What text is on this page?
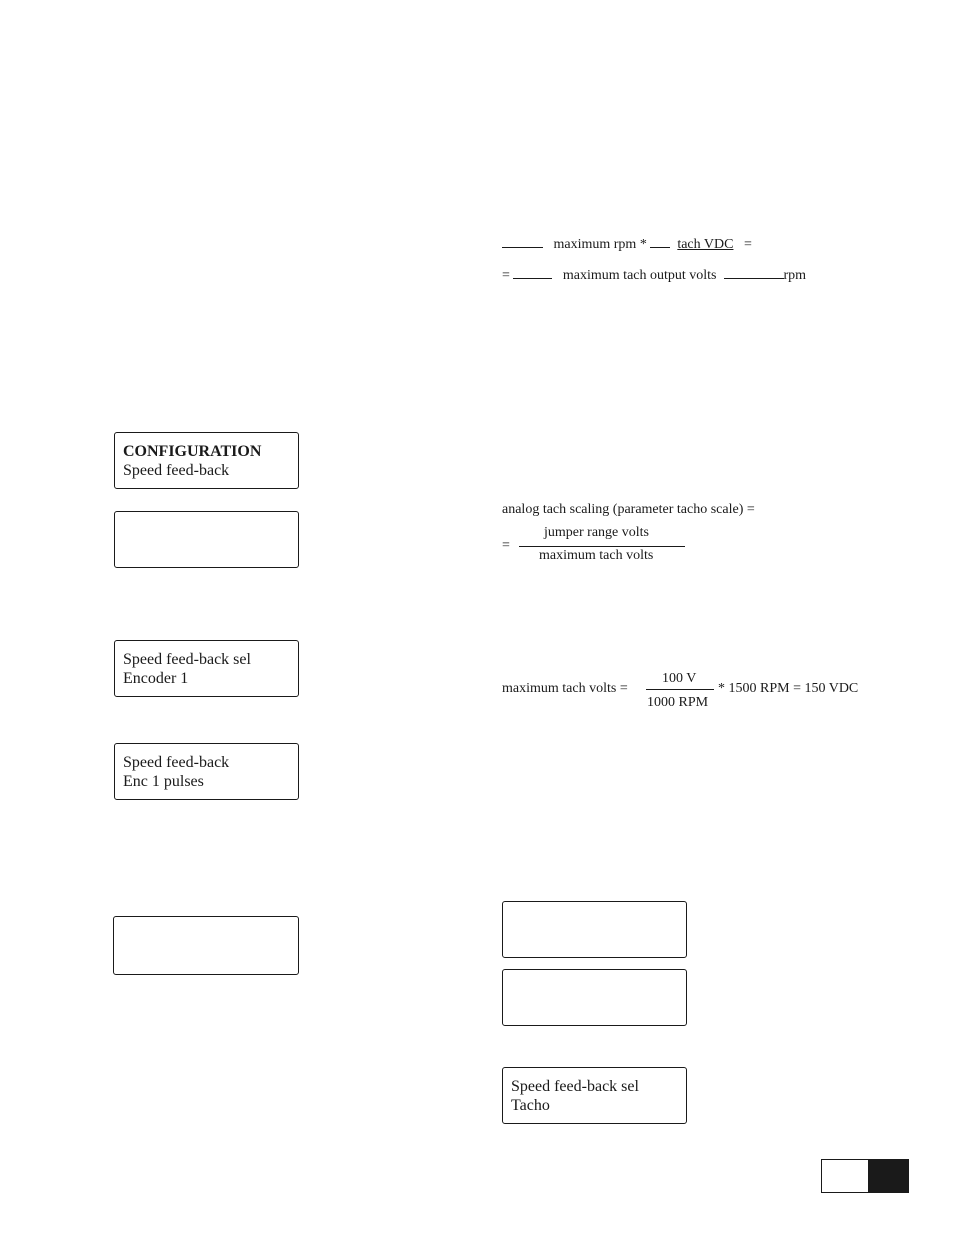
maximum rpm * tach VDC =
=	maximum tach output volts	rpm
analog tach scaling (parameter tacho scale) =
=
jumper range volts
maximum tach volts
maximum tach volts =
100 V
1000 RPM
* 1500 RPM = 150 VDC
CONFIGURATION
Speed feed-back
Speed feed-back sel
Encoder 1
Speed feed-back
Enc 1 pulses
Speed feed-back sel
Tacho
